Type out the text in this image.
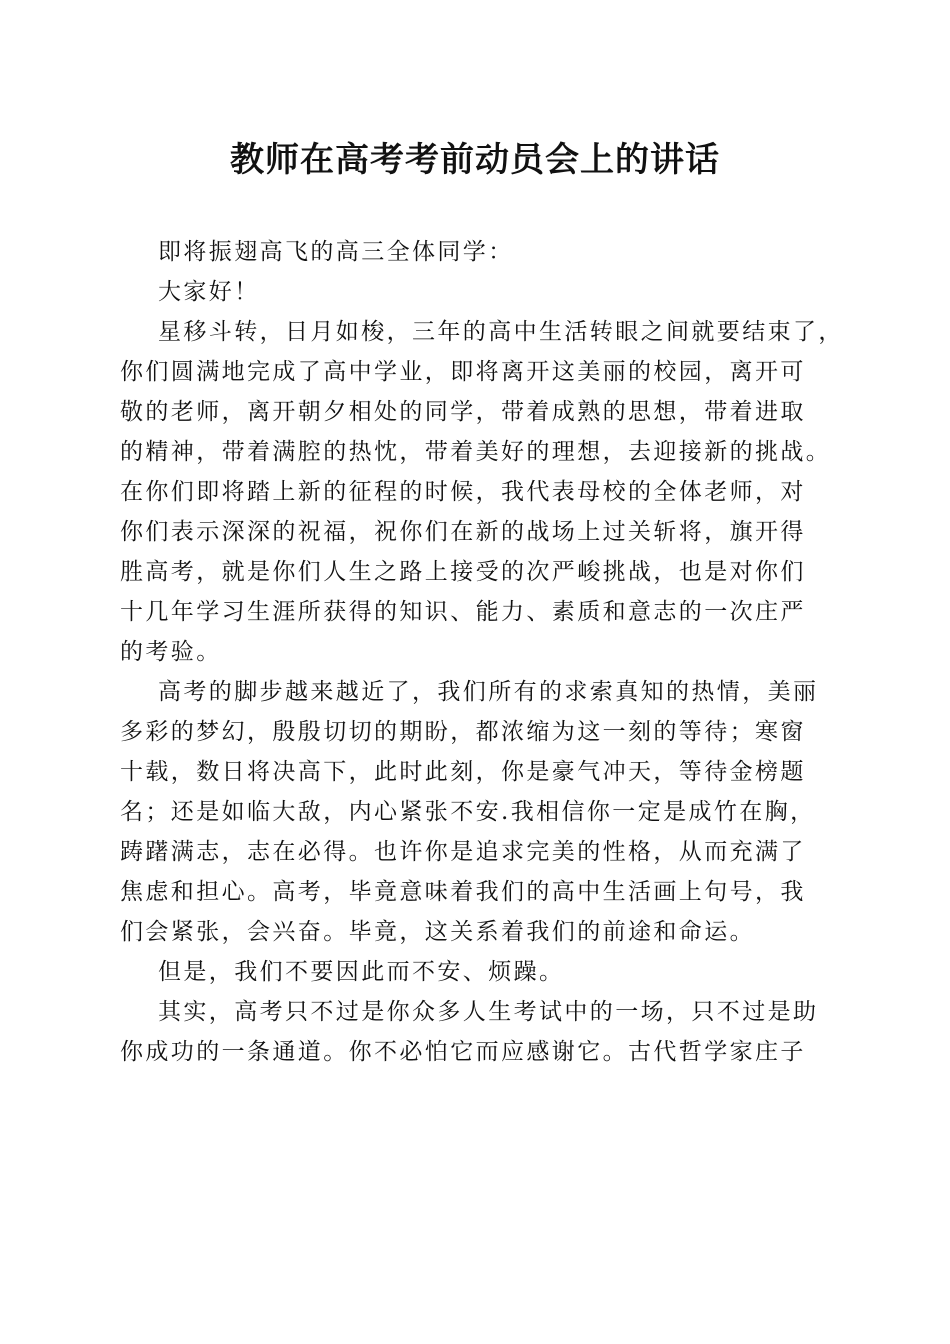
教师在高考考前动员会上的讲话
即将振翅高飞的高三全体同学：
大家好！
星移斗转，日月如梭，三年的高中生活转眼之间就要结束了，
你们圆满地完成了高中学业，即将离开这美丽的校园，离开可
敬的老师，离开朝夕相处的同学，带着成熟的思想，带着进取
的精神，带着满腔的热忱，带着美好的理想，去迎接新的挑战。
在你们即将踏上新的征程的时候，我代表母校的全体老师，对
你们表示深深的祝福，祝你们在新的战场上过关斩将，旗开得
胜高考，就是你们人生之路上接受的次严峻挑战，也是对你们
十几年学习生涯所获得的知识、能力、素质和意志的一次庄严
的考验。
高考的脚步越来越近了，我们所有的求索真知的热情，美丽
多彩的梦幻，殷殷切切的期盼，都浓缩为这一刻的等待；寒窗
十载，数日将决高下，此时此刻，你是豪气冲天，等待金榜题
名；还是如临大敌，内心紧张不安.我相信你一定是成竹在胸，
踌躇满志，志在必得。也许你是追求完美的性格，从而充满了
焦虑和担心。高考，毕竟意味着我们的高中生活画上句号，我
们会紧张，会兴奋。毕竟，这关系着我们的前途和命运。
但是，我们不要因此而不安、烦躁。
其实，高考只不过是你众多人生考试中的一场，只不过是助
你成功的一条通道。你不必怕它而应感谢它。古代哲学家庄子
